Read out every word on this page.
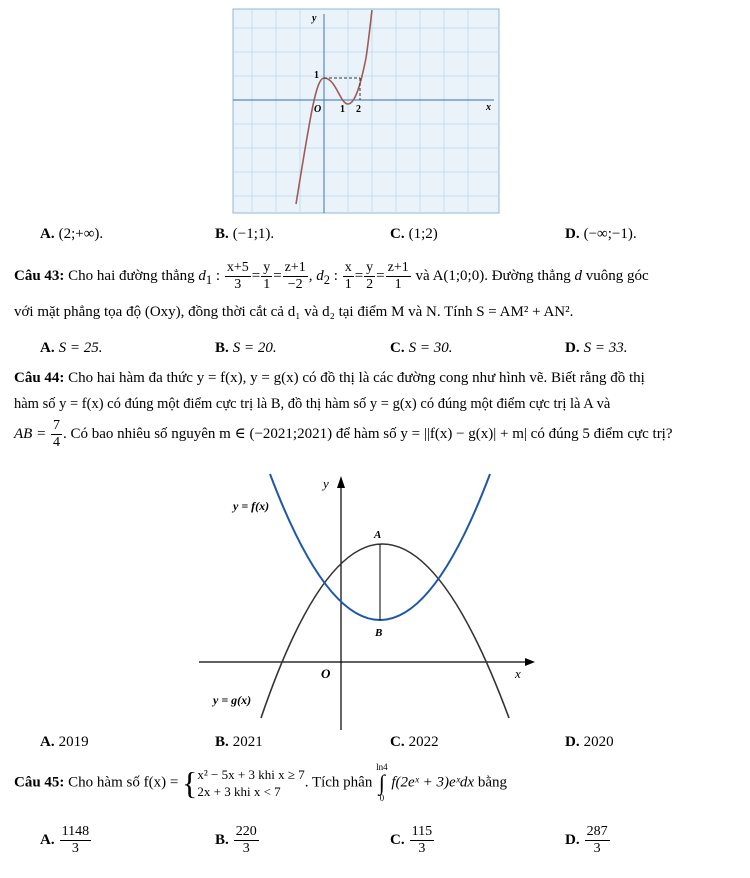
y
x
O
1
1 2
A. (2;+∞).	B. (−1;1).	C. (1;2)	D. (−∞;−1).
Câu 43: Cho hai đường thẳng $d_1$ : $\frac{x+5}{3} = \frac{y}{1} = \frac{z+1}{-2}$ , $d_2$ : $\frac{x}{1} = \frac{y}{2} = \frac{z+1}{1}$ và A(1;0;0). Đường thẳng d vuông góc
với mặt phẳng tọa độ (Oxy), đồng thời cắt cả d₁ và d₂ tại điểm M và N. Tính S = AM² + AN².
A. S = 25.	B. S = 20.	C. S = 30.	D. S = 33.
Câu 44: Cho hai hàm đa thức y = f(x), y = g(x) có đồ thị là các đường cong như hình vẽ. Biết rằng đồ thị
hàm số y = f(x) có đúng một điểm cực trị là B, đồ thị hàm số y = g(x) có đúng một điểm cực trị là A và
AB = $\frac{7}{4}$ . Có bao nhiêu số nguyên m ∈ (−2021;2021) để hàm số y = ||f(x) − g(x)| + m| có đúng 5 điểm cực trị?
A
B
y
x
O
y = f(x)
y = g(x)
A. 2019	B. 2021	C. 2022	D. 2020
Câu 45: Cho hàm số f(x) = { x² − 5x + 3 khi x ≥ 7
2x + 3 khi x < 7
. Tích phân
ln4
∫
0
f(2eˣ + 3)eˣdx bằng
A. $\frac{1148}{3}$	B. $\frac{220}{3}$	C. $\frac{115}{3}$	D. $\frac{287}{3}$
